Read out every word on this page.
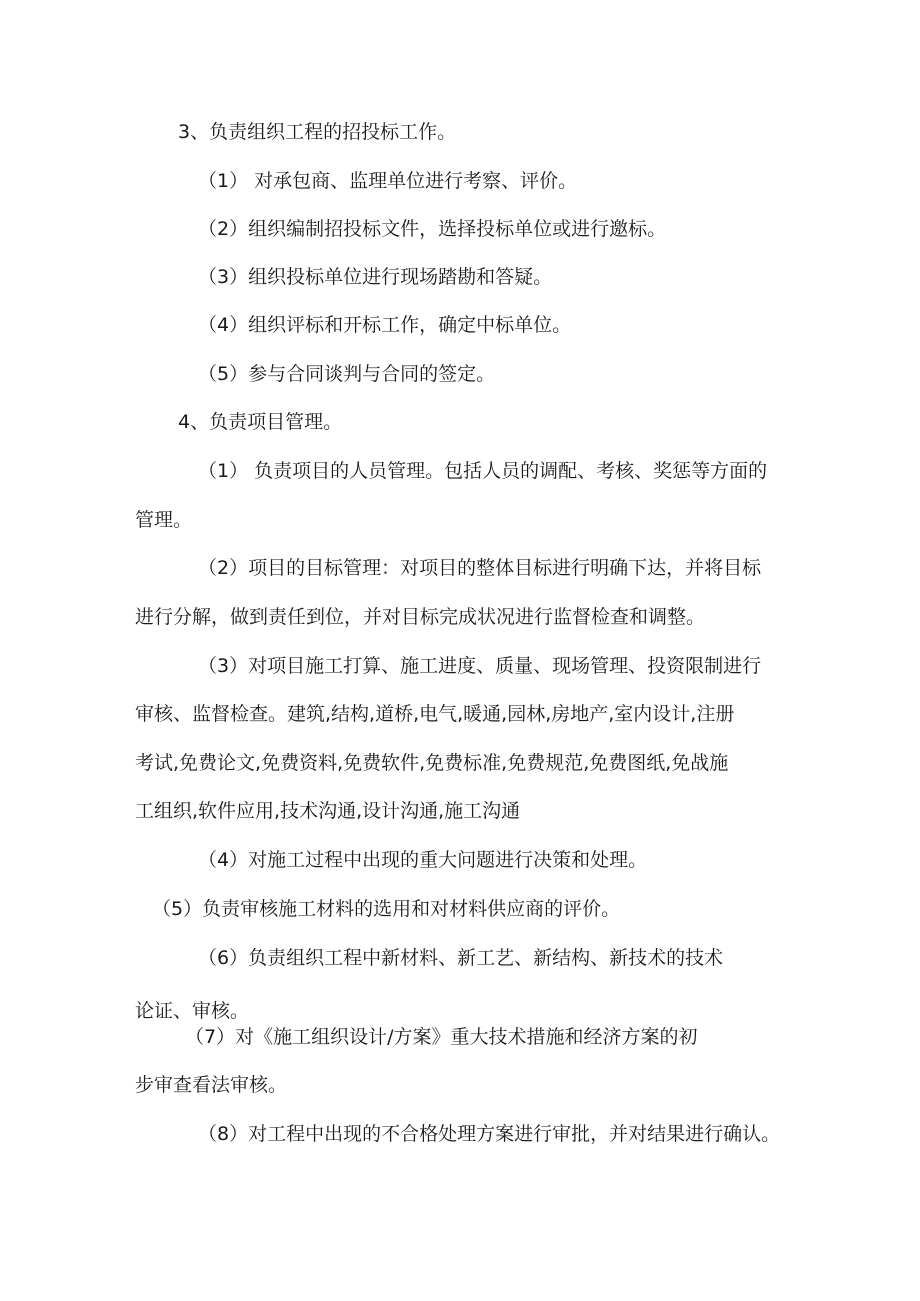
3、负责组织工程的招投标工作。
（1） 对承包商、监理单位进行考察、评价。
（2）组织编制招投标文件，选择投标单位或进行邀标。
（3）组织投标单位进行现场踏勘和答疑。
（4）组织评标和开标工作，确定中标单位。
（5）参与合同谈判与合同的签定。
4、负责项目管理。
（1） 负责项目的人员管理。包括人员的调配、考核、奖惩等方面的
管理。
（2）项目的目标管理：对项目的整体目标进行明确下达，并将目标
进行分解，做到责任到位，并对目标完成状况进行监督检查和调整。
（3）对项目施工打算、施工进度、质量、现场管理、投资限制进行
审核、监督检查。建筑,结构,道桥,电气,暖通,园林,房地产,室内设计,注册
考试,免费论文,免费资料,免费软件,免费标准,免费规范,免费图纸,免战施
工组织,软件应用,技术沟通,设计沟通,施工沟通
（4）对施工过程中出现的重大问题进行决策和处理。
（5）负责审核施工材料的选用和对材料供应商的评价。
（6）负责组织工程中新材料、新工艺、新结构、新技术的技术
论证、审核。
（7）对《施工组织设计/方案》重大技术措施和经济方案的初
步审查看法审核。
（8）对工程中出现的不合格处理方案进行审批，并对结果进行确认。
